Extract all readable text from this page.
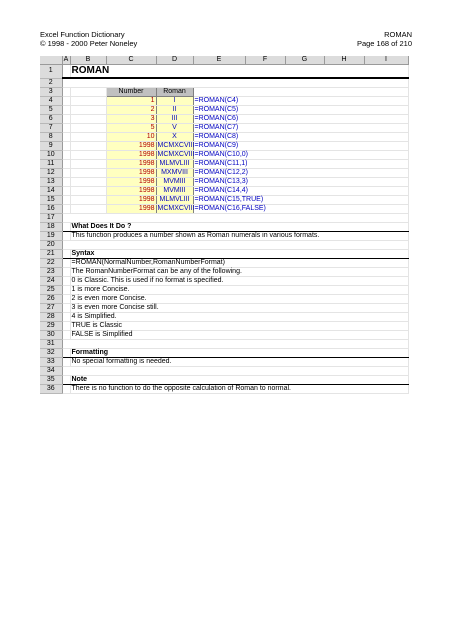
Excel Function Dictionary
© 1998 - 2000 Peter Noneley
ROMAN
Page 168 of 210
	A	B	C	D	E	F	G	H	I
1		ROMAN							
2									
3			Number	Roman					
4			1	I	=ROMAN(C4)				
5			2	II	=ROMAN(C5)				
6			3	III	=ROMAN(C6)				
7			5	V	=ROMAN(C7)				
8			10	X	=ROMAN(C8)				
9			1998	MCMXCVIII	=ROMAN(C9)				
10			1998	MCMXCVIII	=ROMAN(C10,0)				
11			1998	MLMVLIII	=ROMAN(C11,1)				
12			1998	MXMVIII	=ROMAN(C12,2)				
13			1998	MVMIII	=ROMAN(C13,3)				
14			1998	MVMIII	=ROMAN(C14,4)				
15			1998	MLMVLIII	=ROMAN(C15,TRUE)				
16			1998	MCMXCVIII	=ROMAN(C16,FALSE)				
17									
18		What Does It Do ?							
19		This function produces a number shown as Roman numerals in various formats.							
20									
21		Syntax							
22		=ROMAN(NormalNumber,RomanNumberFormat)							
23		The RomanNumberFormat can be any of the following.							
24		0 is Classic. This is used if no format is specified.							
25		1 is more Concise.							
26		2 is even more Concise.							
27		3 is even more Concise still.							
28		4 is Simplified.							
29		TRUE is Classic							
30		FALSE is Simplified							
31									
32		Formatting							
33		No special formatting is needed.							
34									
35		Note							
36		There is no function to do the opposite calculation of Roman to normal.							
